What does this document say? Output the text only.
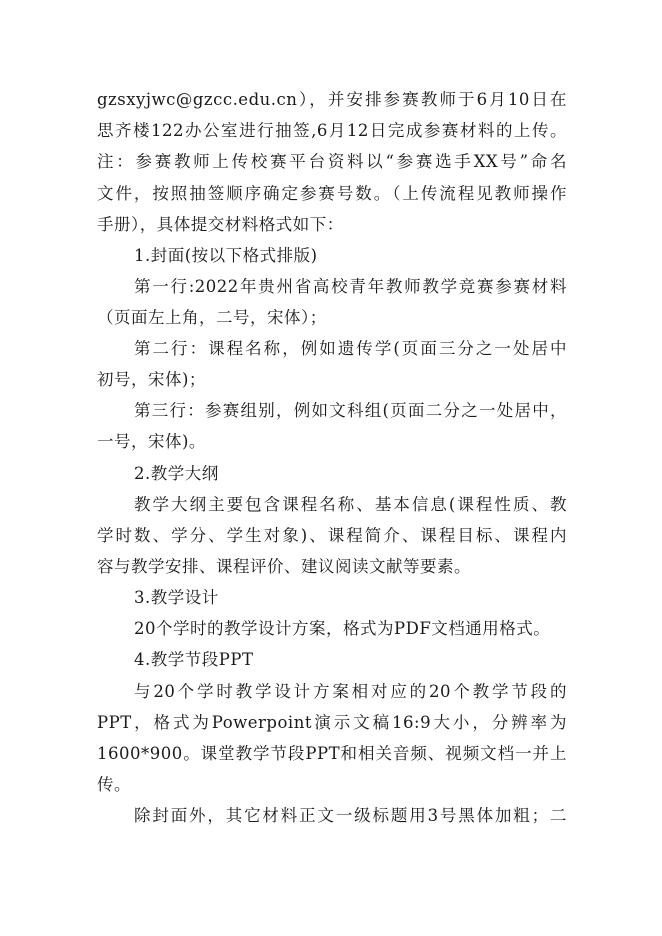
gzsxyjwc@gzcc.edu.cn），并安排参赛教师于6月10日在
思齐楼122办公室进行抽签,6月12日完成参赛材料的上传。
注：参赛教师上传校赛平台资料以“参赛选手XX号”命名
文件，按照抽签顺序确定参赛号数。（上传流程见教师操作
手册），具体提交材料格式如下：
1.封面(按以下格式排版)
第一行:2022年贵州省高校青年教师教学竞赛参赛材料
（页面左上角，二号，宋体）；
第二行：课程名称，例如遗传学(页面三分之一处居中
初号，宋体)；
第三行：参赛组别，例如文科组(页面二分之一处居中，
一号，宋体)。
2.教学大纲
教学大纲主要包含课程名称、基本信息(课程性质、教
学时数、学分、学生对象)、课程简介、课程目标、课程内
容与教学安排、课程评价、建议阅读文献等要素。
3.教学设计
20个学时的教学设计方案，格式为PDF文档通用格式。
4.教学节段PPT
与20个学时教学设计方案相对应的20个教学节段的
PPT，格式为Powerpoint演示文稿16:9大小，分辨率为
1600*900。课堂教学节段PPT和相关音频、视频文档一并上
传。
除封面外，其它材料正文一级标题用3号黑体加粗；二
